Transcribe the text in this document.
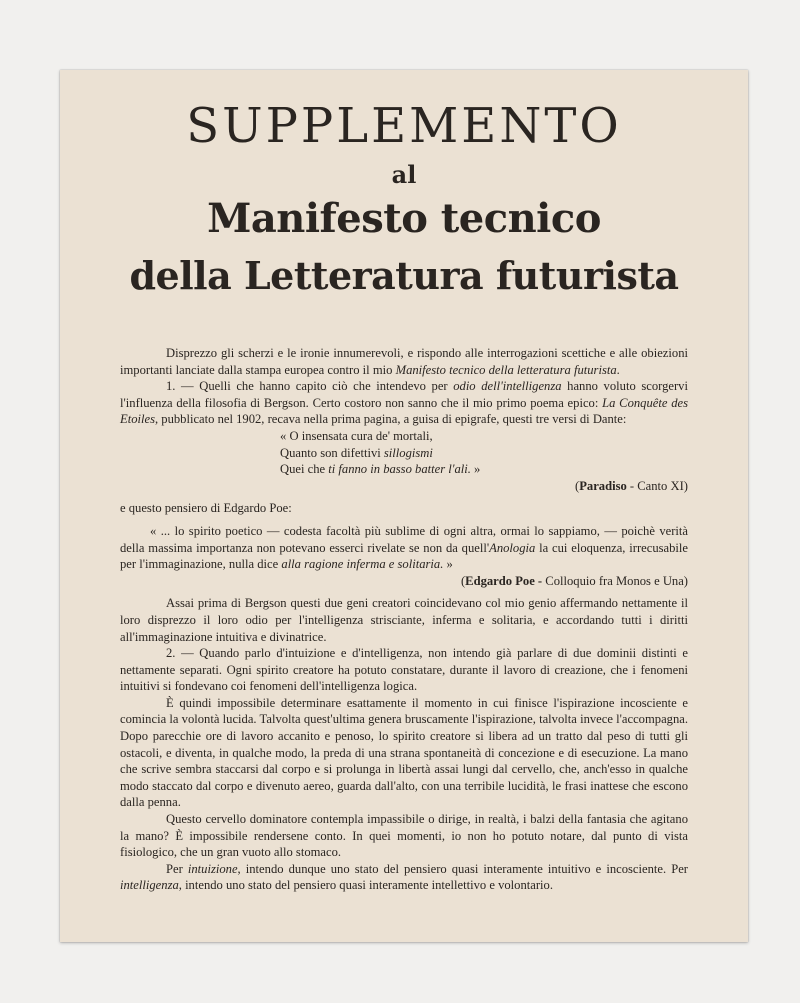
SUPPLEMENTO
al
Manifesto tecnico
della Letteratura futurista

Disprezzo gli scherzi e le ironie innumerevoli, e rispondo alle interrogazioni scettiche e alle obiezioni importanti lanciate dalla stampa europea contro il mio Manifesto tecnico della letteratura futurista.

1. — Quelli che hanno capito ciò che intendevo per odio dell'intelligenza hanno voluto scorgervi l'influenza della filosofia di Bergson. Certo costoro non sanno che il mio primo poema epico: La Conquête des Etoiles, pubblicato nel 1902, recava nella prima pagina, a guisa di epigrafe, questi tre versi di Dante:

« O insensata cura de' mortali,
Quanto son difettivi sillogismi
Quei che ti fanno in basso batter l'ali. »

(Paradiso - Canto XI)

e questo pensiero di Edgardo Poe:

« ... lo spirito poetico — codesta facoltà più sublime di ogni altra, ormai lo sappiamo, — poichè verità della massima importanza non potevano esserci rivelate se non da quell'Anologia la cui eloquenza, irrecusabile per l'immaginazione, nulla dice alla ragione inferma e solitaria. »

(Edgardo Poe - Colloquio fra Monos e Una)

Assai prima di Bergson questi due geni creatori coincidevano col mio genio affermando nettamente il loro disprezzo il loro odio per l'intelligenza strisciante, inferma e solitaria, e accordando tutti i diritti all'immaginazione intuitiva e divinatrice.

2. — Quando parlo d'intuizione e d'intelligenza, non intendo già parlare di due dominii distinti e nettamente separati. Ogni spirito creatore ha potuto constatare, durante il lavoro di creazione, che i fenomeni intuitivi si fondevano coi fenomeni dell'intelligenza logica.

È quindi impossibile determinare esattamente il momento in cui finisce l'ispirazione incosciente e comincia la volontà lucida. Talvolta quest'ultima genera bruscamente l'ispirazione, talvolta invece l'accompagna. Dopo parecchie ore di lavoro accanito e penoso, lo spirito creatore si libera ad un tratto dal peso di tutti gli ostacoli, e diventa, in qualche modo, la preda di una strana spontaneità di concezione e di esecuzione. La mano che scrive sembra staccarsi dal corpo e si prolunga in libertà assai lungi dal cervello, che, anch'esso in qualche modo staccato dal corpo e divenuto aereo, guarda dall'alto, con una terribile lucidità, le frasi inattese che escono dalla penna.

Questo cervello dominatore contempla impassibile o dirige, in realtà, i balzi della fantasia che agitano la mano? È impossibile rendersene conto. In quei momenti, io non ho potuto notare, dal punto di vista fisiologico, che un gran vuoto allo stomaco.

Per intuizione, intendo dunque uno stato del pensiero quasi interamente intuitivo e incosciente. Per intelligenza, intendo uno stato del pensiero quasi interamente intellettivo e volontario.
